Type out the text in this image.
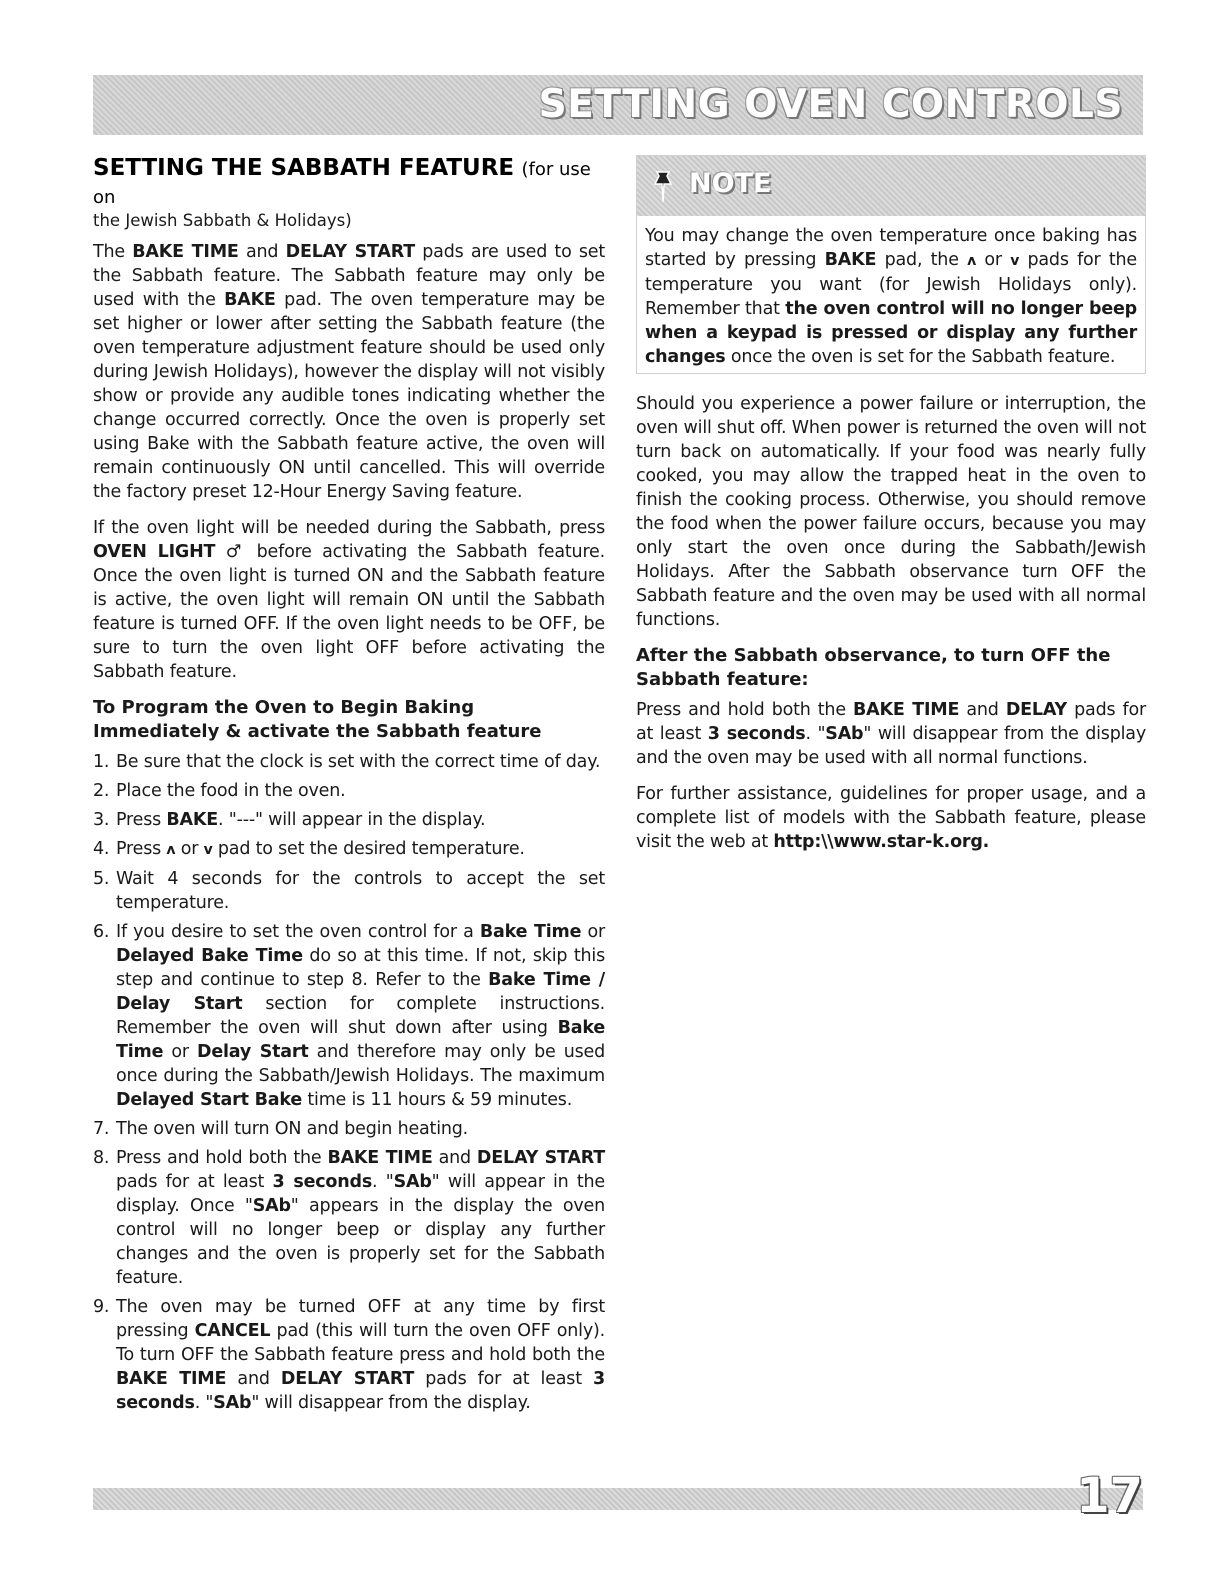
SETTING OVEN CONTROLS
SETTING THE SABBATH FEATURE (for use on
the Jewish Sabbath & Holidays)

The BAKE TIME and DELAY START pads are used to set the Sabbath feature. The Sabbath feature may only be used with the BAKE pad. The oven temperature may be set higher or lower after setting the Sabbath feature (the oven temperature adjustment feature should be used only during Jewish Holidays), however the display will not visibly show or provide any audible tones indicating whether the change occurred correctly. Once the oven is properly set using Bake with the Sabbath feature active, the oven will remain continuously ON until cancelled. This will override the factory preset 12-Hour Energy Saving feature.

If the oven light will be needed during the Sabbath, press OVEN LIGHT ♂ before activating the Sabbath feature. Once the oven light is turned ON and the Sabbath feature is active, the oven light will remain ON until the Sabbath feature is turned OFF. If the oven light needs to be OFF, be sure to turn the oven light OFF before activating the Sabbath feature.

To Program the Oven to Begin Baking Immediately & activate the Sabbath feature
1. Be sure that the clock is set with the correct time of day.
2. Place the food in the oven.
3. Press BAKE. "---" will appear in the display.
4. Press ʌ or v pad to set the desired temperature.
5. Wait 4 seconds for the controls to accept the set temperature.
6. If you desire to set the oven control for a Bake Time or Delayed Bake Time do so at this time. If not, skip this step and continue to step 8. Refer to the Bake Time / Delay Start section for complete instructions. Remember the oven will shut down after using Bake Time or Delay Start and therefore may only be used once during the Sabbath/Jewish Holidays. The maximum Delayed Start Bake time is 11 hours & 59 minutes.
7. The oven will turn ON and begin heating.
8. Press and hold both the BAKE TIME and DELAY START pads for at least 3 seconds. "SAb" will appear in the display. Once "SAb" appears in the display the oven control will no longer beep or display any further changes and the oven is properly set for the Sabbath feature.
9. The oven may be turned OFF at any time by first pressing CANCEL pad (this will turn the oven OFF only). To turn OFF the Sabbath feature press and hold both the BAKE TIME and DELAY START pads for at least 3 seconds. "SAb" will disappear from the display.
NOTE

You may change the oven temperature once baking has started by pressing BAKE pad, the ʌ or v pads for the temperature you want (for Jewish Holidays only). Remember that the oven control will no longer beep when a keypad is pressed or display any further changes once the oven is set for the Sabbath feature.

Should you experience a power failure or interruption, the oven will shut off. When power is returned the oven will not turn back on automatically. If your food was nearly fully cooked, you may allow the trapped heat in the oven to finish the cooking process. Otherwise, you should remove the food when the power failure occurs, because you may only start the oven once during the Sabbath/Jewish Holidays. After the Sabbath observance turn OFF the Sabbath feature and the oven may be used with all normal functions.

After the Sabbath observance, to turn OFF the Sabbath feature:

Press and hold both the BAKE TIME and DELAY pads for at least 3 seconds. "SAb" will disappear from the display and the oven may be used with all normal functions.

For further assistance, guidelines for proper usage, and a complete list of models with the Sabbath feature, please visit the web at http:\\www.star-k.org.

17
